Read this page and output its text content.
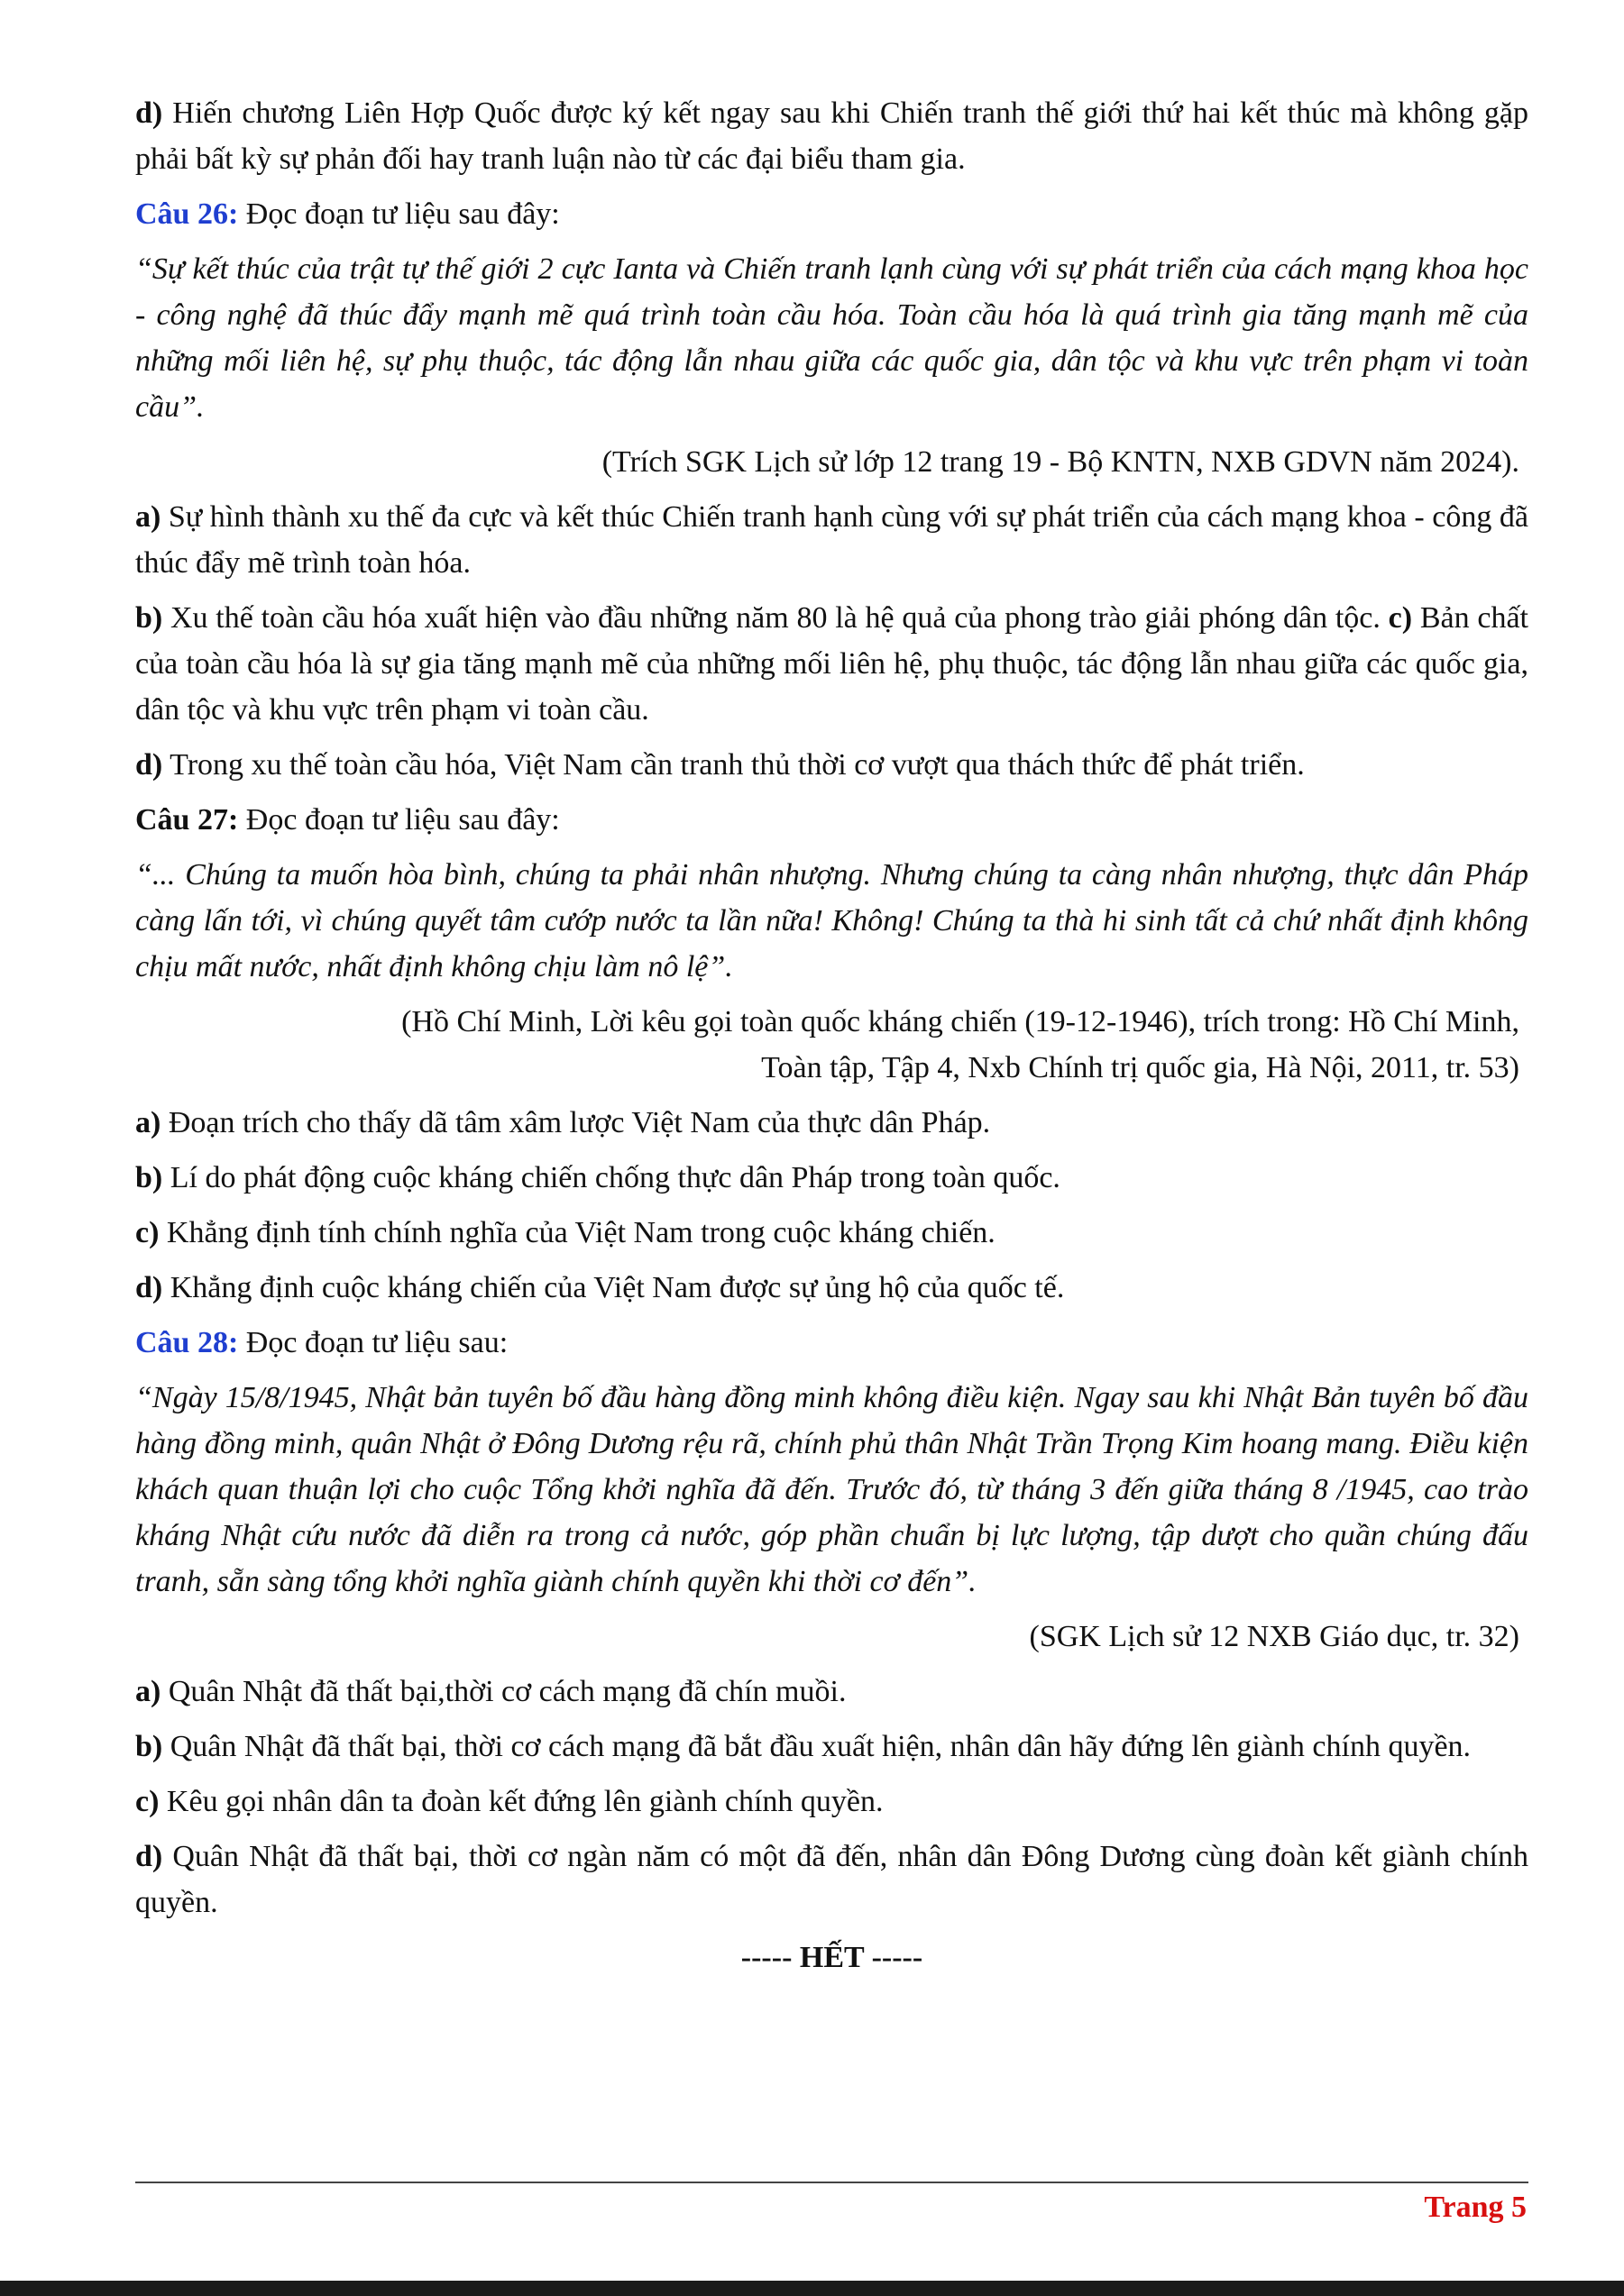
d) Hiến chương Liên Hợp Quốc được ký kết ngay sau khi Chiến tranh thế giới thứ hai kết thúc mà không gặp phải bất kỳ sự phản đối hay tranh luận nào từ các đại biểu tham gia.

Câu 26: Đọc đoạn tư liệu sau đây:

“Sự kết thúc của trật tự thế giới 2 cực Ianta và Chiến tranh lạnh cùng với sự phát triển của cách mạng khoa học - công nghệ đã thúc đẩy mạnh mẽ quá trình toàn cầu hóa. Toàn cầu hóa là quá trình gia tăng mạnh mẽ của những mối liên hệ, sự phụ thuộc, tác động lẫn nhau giữa các quốc gia, dân tộc và khu vực trên phạm vi toàn cầu”.

(Trích SGK Lịch sử lớp 12 trang 19 - Bộ KNTN, NXB GDVN năm 2024).

a) Sự hình thành xu thế đa cực và kết thúc Chiến tranh hạnh cùng với sự phát triển của cách mạng khoa - công đã thúc đẩy mẽ trình toàn hóa.

b) Xu thế toàn cầu hóa xuất hiện vào đầu những năm 80 là hệ quả của phong trào giải phóng dân tộc. c) Bản chất của toàn cầu hóa là sự gia tăng mạnh mẽ của những mối liên hệ, phụ thuộc, tác động lẫn nhau giữa các quốc gia, dân tộc và khu vực trên phạm vi toàn cầu.

d) Trong xu thế toàn cầu hóa, Việt Nam cần tranh thủ thời cơ vượt qua thách thức để phát triển.

Câu 27: Đọc đoạn tư liệu sau đây:

“... Chúng ta muốn hòa bình, chúng ta phải nhân nhượng. Nhưng chúng ta càng nhân nhượng, thực dân Pháp càng lấn tới, vì chúng quyết tâm cướp nước ta lần nữa! Không! Chúng ta thà hi sinh tất cả chứ nhất định không chịu mất nước, nhất định không chịu làm nô lệ”.

(Hồ Chí Minh, Lời kêu gọi toàn quốc kháng chiến (19-12-1946), trích trong: Hồ Chí Minh,

Toàn tập, Tập 4, Nxb Chính trị quốc gia, Hà Nội, 2011, tr. 53)

a) Đoạn trích cho thấy dã tâm xâm lược Việt Nam của thực dân Pháp.

b) Lí do phát động cuộc kháng chiến chống thực dân Pháp trong toàn quốc.

c) Khẳng định tính chính nghĩa của Việt Nam trong cuộc kháng chiến.

d) Khẳng định cuộc kháng chiến của Việt Nam được sự ủng hộ của quốc tế.

Câu 28: Đọc đoạn tư liệu sau:

“Ngày 15/8/1945, Nhật bản tuyên bố đầu hàng đồng minh không điều kiện. Ngay sau khi Nhật Bản tuyên bố đầu hàng đồng minh, quân Nhật ở Đông Dương rệu rã, chính phủ thân Nhật Trần Trọng Kim hoang mang. Điều kiện khách quan thuận lợi cho cuộc Tổng khởi nghĩa đã đến. Trước đó, từ tháng 3 đến giữa tháng 8 /1945, cao trào kháng Nhật cứu nước đã diễn ra trong cả nước, góp phần chuẩn bị lực lượng, tập dượt cho quần chúng đấu tranh, sẵn sàng tổng khởi nghĩa giành chính quyền khi thời cơ đến”.

(SGK Lịch sử 12 NXB Giáo dục, tr. 32)

a) Quân Nhật đã thất bại,thời cơ cách mạng đã chín muồi.

b) Quân Nhật đã thất bại, thời cơ cách mạng đã bắt đầu xuất hiện, nhân dân hãy đứng lên giành chính quyền.

c) Kêu gọi nhân dân ta đoàn kết đứng lên giành chính quyền.

d) Quân Nhật đã thất bại, thời cơ ngàn năm có một đã đến, nhân dân Đông Dương cùng đoàn kết giành chính quyền.

----- HẾT -----

Trang 5
